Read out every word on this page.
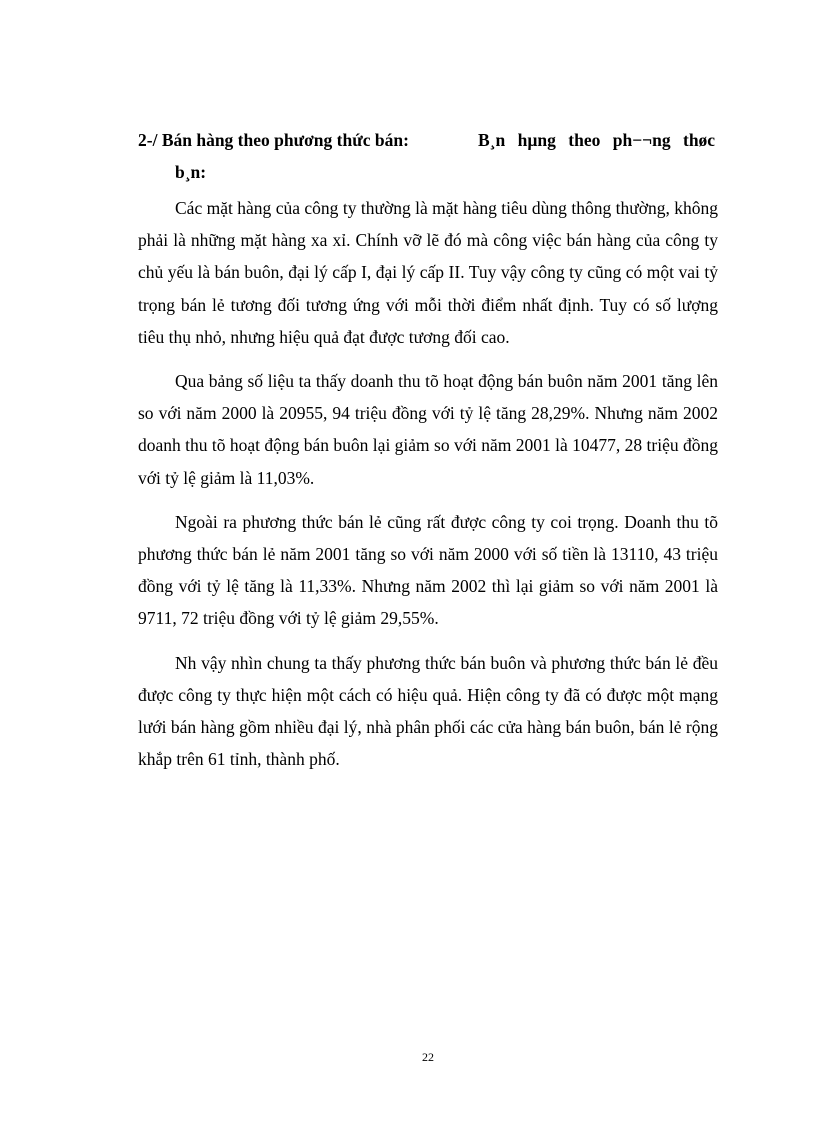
2-/ Bán hàng theo phương thức bán:	B¸n hµng theo ph−¬ng thøc
b¸n:

Các mặt hàng của công ty thường là mặt hàng tiêu dùng thông thường, không phải là những mặt hàng xa xỉ. Chính vỡ lẽ đó mà công việc bán hàng của công ty chủ yếu là bán buôn, đại lý cấp I, đại lý cấp II. Tuy vậy công ty cũng có một vai tỷ trọng bán lẻ tương đối tương ứng với mỗi thời điểm nhất định. Tuy có số lượng tiêu thụ nhỏ, nhưng hiệu quả đạt được tương đối cao.

Qua bảng số liệu ta thấy doanh thu tõ hoạt động bán buôn năm 2001 tăng lên so với năm 2000 là 20955, 94 triệu đồng với tỷ lệ tăng 28,29%. Nhưng năm 2002 doanh thu tõ hoạt động bán buôn lại giảm so với năm 2001 là 10477, 28 triệu đồng với tỷ lệ giảm là 11,03%.

Ngoài ra phương thức bán lẻ cũng rất được công ty coi trọng. Doanh thu tõ phương thức bán lẻ năm 2001 tăng so với năm 2000 với số tiền là 13110, 43 triệu đồng với tỷ lệ tăng là 11,33%. Nhưng năm 2002 thì lại giảm so với năm 2001 là 9711, 72 triệu đồng với tỷ lệ giảm 29,55%.

Nh vậy nhìn chung ta thấy phương thức bán buôn và phương thức bán lẻ đều được công ty thực hiện một cách có hiệu quả. Hiện công ty đã có được một mạng lưới bán hàng gồm nhiều đại lý, nhà phân phối các cửa hàng bán buôn, bán lẻ rộng khắp trên 61 tỉnh, thành phố.

22
